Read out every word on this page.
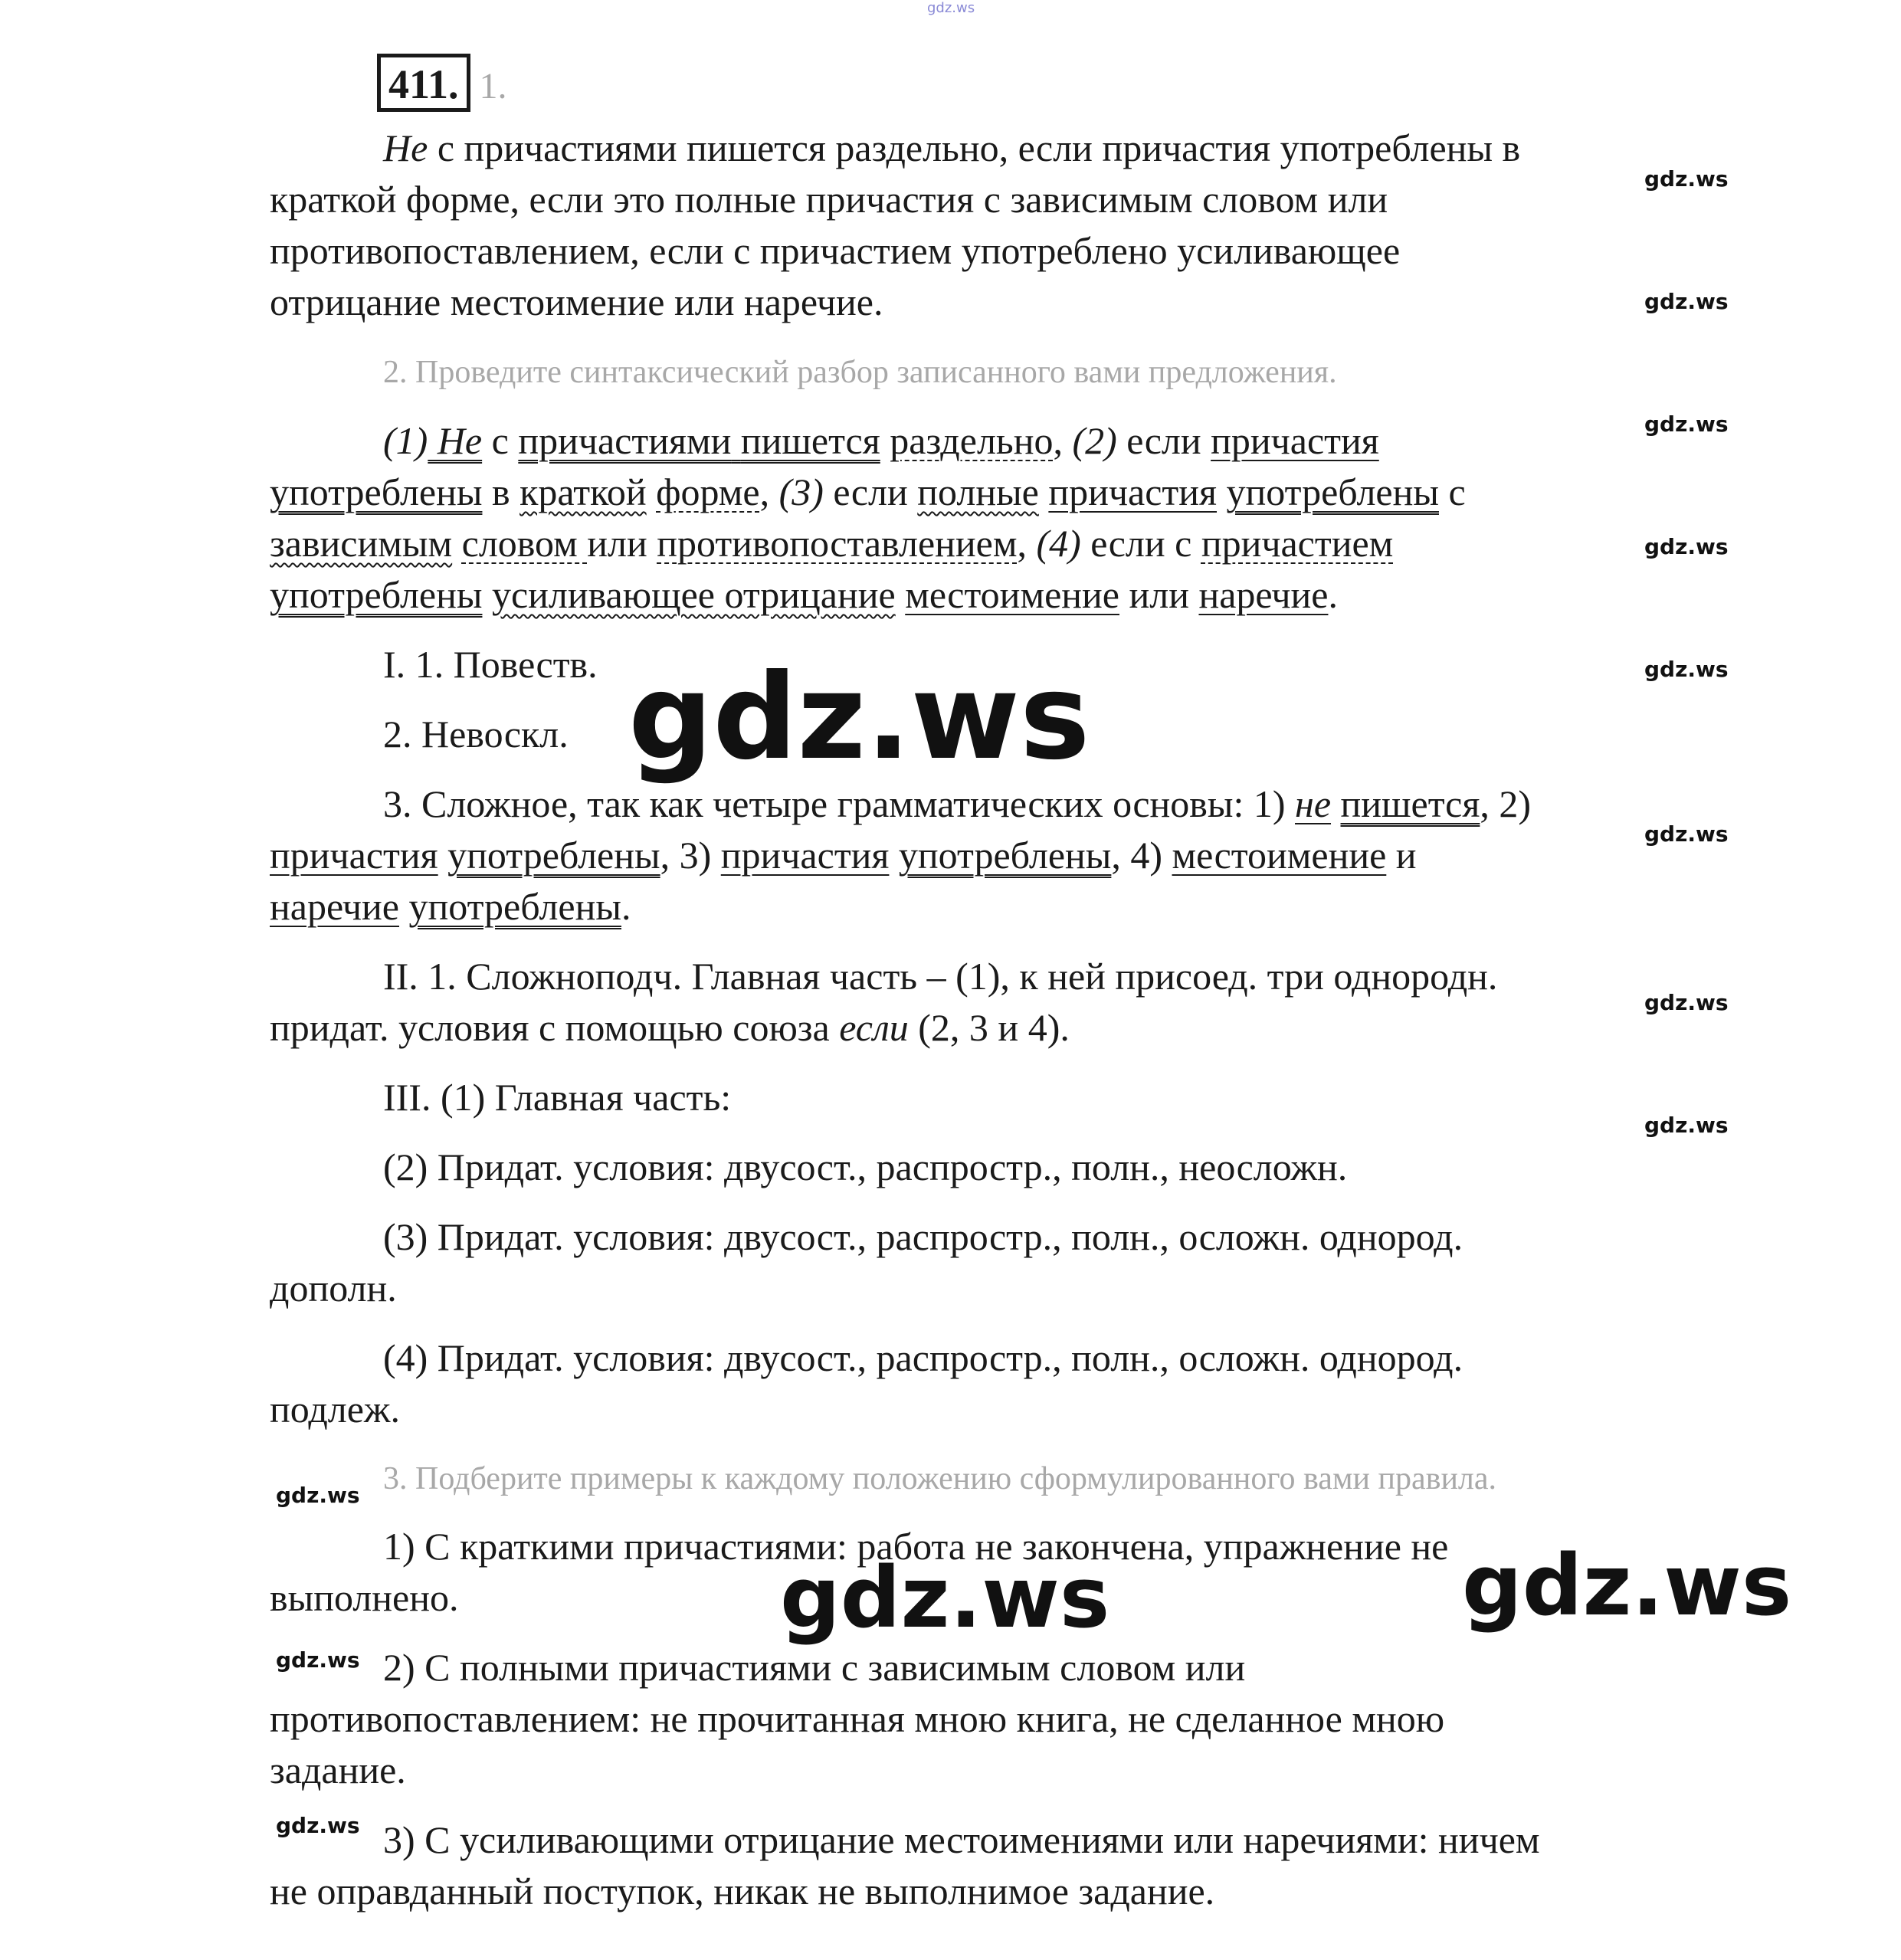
gdz.ws
gdz.ws
gdz.ws
gdz.ws
gdz.ws
gdz.ws
gdz.ws
gdz.ws
gdz.ws
gdz.ws
gdz.ws
gdz.ws
gdz.ws
gdz.ws	gdz.ws
411. 1.
Не с причастиями пишется раздельно, если причастия употреблены в
краткой форме, если это полные причастия с зависимым словом или
противопоставлением, если с причастием употреблено усиливающее
отрицание местоимение или наречие.
2. Проведите синтаксический разбор записанного вами предложения.
(1) Не с причастиями пишется раздельно, (2) если причастия
употреблены в краткой форме, (3) если полные причастия употреблены с
зависимым словом или противопоставлением, (4) если с причастием
употреблены усиливающее отрицание местоимение или наречие.
I. 1. Повеств.
2. Невоскл.
3. Сложное, так как четыре грамматических основы: 1) не пишется, 2)
причастия употреблены, 3) причастия употреблены, 4) местоимение и
наречие употреблены.
II. 1. Сложноподч. Главная часть – (1), к ней присоед. три однородн.
придат. условия с помощью союза если (2, 3 и 4).
III. (1) Главная часть:
(2) Придат. условия: двусост., распростр., полн., неосложн.
(3) Придат. условия: двусост., распростр., полн., осложн. однород.
дополн.
(4) Придат. условия: двусост., распростр., полн., осложн. однород.
подлеж.
3. Подберите примеры к каждому положению сформулированного вами правила.
1) С краткими причастиями: работа не закончена, упражнение не
выполнено.
2) С полными причастиями с зависимым словом или
противопоставлением: не прочитанная мною книга, не сделанное мною
задание.
3) С усиливающими отрицание местоимениями или наречиями: ничем
не оправданный поступок, никак не выполнимое задание.
